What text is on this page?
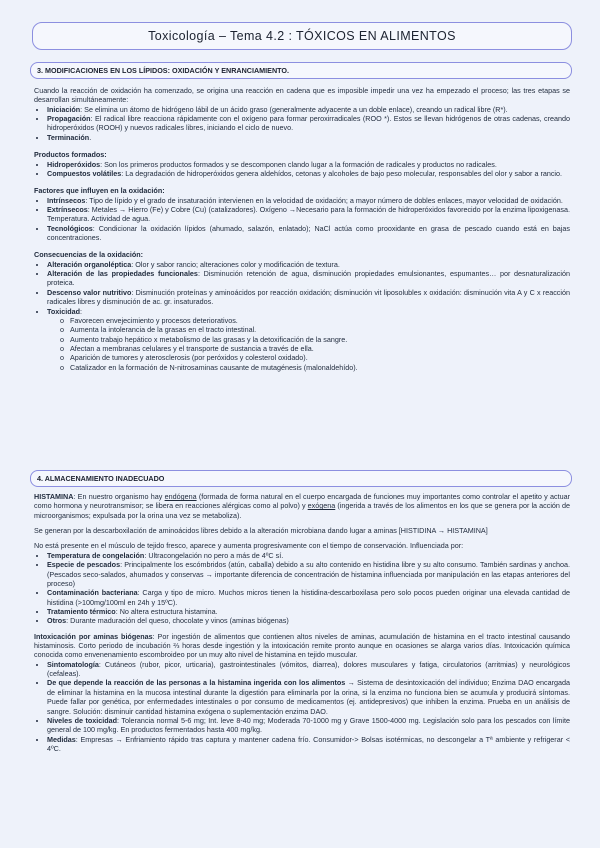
Toxicología – Tema 4.2 : TÓXICOS EN ALIMENTOS
3. MODIFICACIONES EN LOS LÍPIDOS: OXIDACIÓN Y ENRANCIAMIENTO.

Cuando la reacción de oxidación ha comenzado, se origina una reacción en cadena que es imposible impedir una vez ha empezado el proceso; las tres etapas se desarrollan simultáneamente:

• Iniciación: Se elimina un átomo de hidrógeno lábil de un ácido graso (generalmente adyacente a un doble enlace), creando un radical libre (R*).
• Propagación: El radical libre reacciona rápidamente con el oxígeno para formar peroxirradicales (ROO *). Estos se llevan hidrógenos de otras cadenas, creando hidroperóxidos (ROOH) y nuevos radicales libres, iniciando el ciclo de nuevo.
• Terminación.

Productos formados:

• Hidroperóxidos: Son los primeros productos formados y se descomponen clando lugar a la formación de radicales y productos no radicales.
• Compuestos volátiles: La degradación de hidroperóxidos genera aldehídos, cetonas y alcoholes de bajo peso molecular, responsables del olor y sabor a rancio.

Factores que influyen en la oxidación:

• Intrínsecos: Tipo de lípido y el grado de insaturación intervienen en la velocidad de oxidación; a mayor número de dobles enlaces, mayor velocidad de oxidación.
• Extrínsecos: Metales → Hierro (Fe) y Cobre (Cu) (catalizadores). Oxígeno →Necesario para la formación de hidroperóxidos favorecido por la enzima lipoxigenasa. Temperatura. Actividad de agua.
• Tecnológicos: Condicionar la oxidación lípidos (ahumado, salazón, enlatado); NaCl actúa como prooxidante en grasa de pescado cuando está en bajas concentraciones.

Consecuencias de la oxidación:

• Alteración organoléptica: Olor y sabor rancio; alteraciones color y modificación de textura.
• Alteración de las propiedades funcionales: Disminución retención de agua, disminución propiedades emulsionantes, espumantes… por desnaturalización proteica.
• Descenso valor nutritivo: Disminución proteínas y aminoácidos por reacción oxidación; disminución vit liposolubles x oxidación: disminución vita A y C x reacción radicales libres y disminución de ac. gr. insaturados.
• Toxicidad:
o Favorecen envejecimiento y procesos deteriorativos.
o Aumenta la intolerancia de la grasas en el tracto intestinal.
o Aumento trabajo hepático x metabolismo de las grasas y la detoxificación de la sangre.
o Afectan a membranas celulares y el transporte de sustancia a través de ella.
o Aparición de tumores y aterosclerosis (por peróxidos y colesterol oxidado).
o Catalizador en la formación de N-nitrosaminas causante de mutagénesis (malonaldehído).
4. ALMACENAMIENTO INADECUADO

HISTAMINA: En nuestro organismo hay endógena (formada de forma natural en el cuerpo encargada de funciones muy importantes como controlar el apetito y actuar como hormona y neurotransmisor; se libera en reacciones alérgicas como al polvo) y exógena (ingerida a través de los alimentos en los que se genera por la acción de microorganismos; expulsada por la orina una vez se metaboliza).

Se generan por la descarboxilación de aminoácidos libres debido a la alteración microbiana dando lugar a aminas [HISTIDINA → HISTAMINA]

No está presente en el músculo de tejido fresco, aparece y aumenta progresivamente con el tiempo de conservación. Influenciada por:

• Temperatura de congelación: Ultracongelación no pero a más de 4ºC sí.
• Especie de pescados: Principalmente los escómbridos (atún, caballa) debido a su alto contenido en histidina libre y su alto consumo. También sardinas y anchoa. (Pescados seco-salados, ahumados y conservas → importante diferencia de concentración de histamina influenciada por manipulación en las etapas anteriores del proceso)
• Contaminación bacteriana: Carga y tipo de micro. Muchos micros tienen la histidina-descarboxilasa pero solo pocos pueden originar una elevada cantidad de histidina (>100mg/100ml en 24h y 15ºC).
• Tratamiento térmico: No altera estructura histamina.
• Otros: Durante maduración del queso, chocolate y vinos (aminas biógenas)

Intoxicación por aminas biógenas: Por ingestión de alimentos que contienen altos niveles de aminas, acumulación de histamina en el tracto intestinal causando histaminosis. Corto periodo de incubación ⅔ horas desde ingestión y la intoxicación remite pronto aunque en ocasiones se alarga varios días. Intoxicación química conocida como envenenamiento escombroideo por un muy alto nivel de histamina en tejido muscular.

• Sintomatología: Cutáneos (rubor, picor, urticaria), gastrointestinales (vómitos, diarrea), dolores musculares y fatiga, circulatorios (arritmias) y neurológicos (cefaleas).
• De que depende la reacción de las personas a la histamina ingerida con los alimentos → Sistema de desintoxicación del individuo; Enzima DAO encargada de eliminar la histamina en la mucosa intestinal durante la digestión para eliminarla por la orina, si la enzima no funciona bien se acumula y producirá síntomas. Puede fallar por genética, por enfermedades intestinales o por consumo de medicamentos (ej. antidepresivos) que inhiben la enzima. Prueba en un análisis de sangre. Solución: disminuir cantidad histamina exógena o suplementación enzima DAO.
• Niveles de toxicidad: Tolerancia normal 5-6 mg; Int. leve 8-40 mg; Moderada 70-1000 mg y Grave 1500-4000 mg. Legislación solo para los pescados con límite general de 100 mg/kg. En productos fermentados hasta 400 mg/kg.
• Medidas: Empresas → Enfriamiento rápido tras captura y mantener cadena frío. Consumidor-> Bolsas isotérmicas, no descongelar a Tª ambiente y refrigerar < 4ºC.
